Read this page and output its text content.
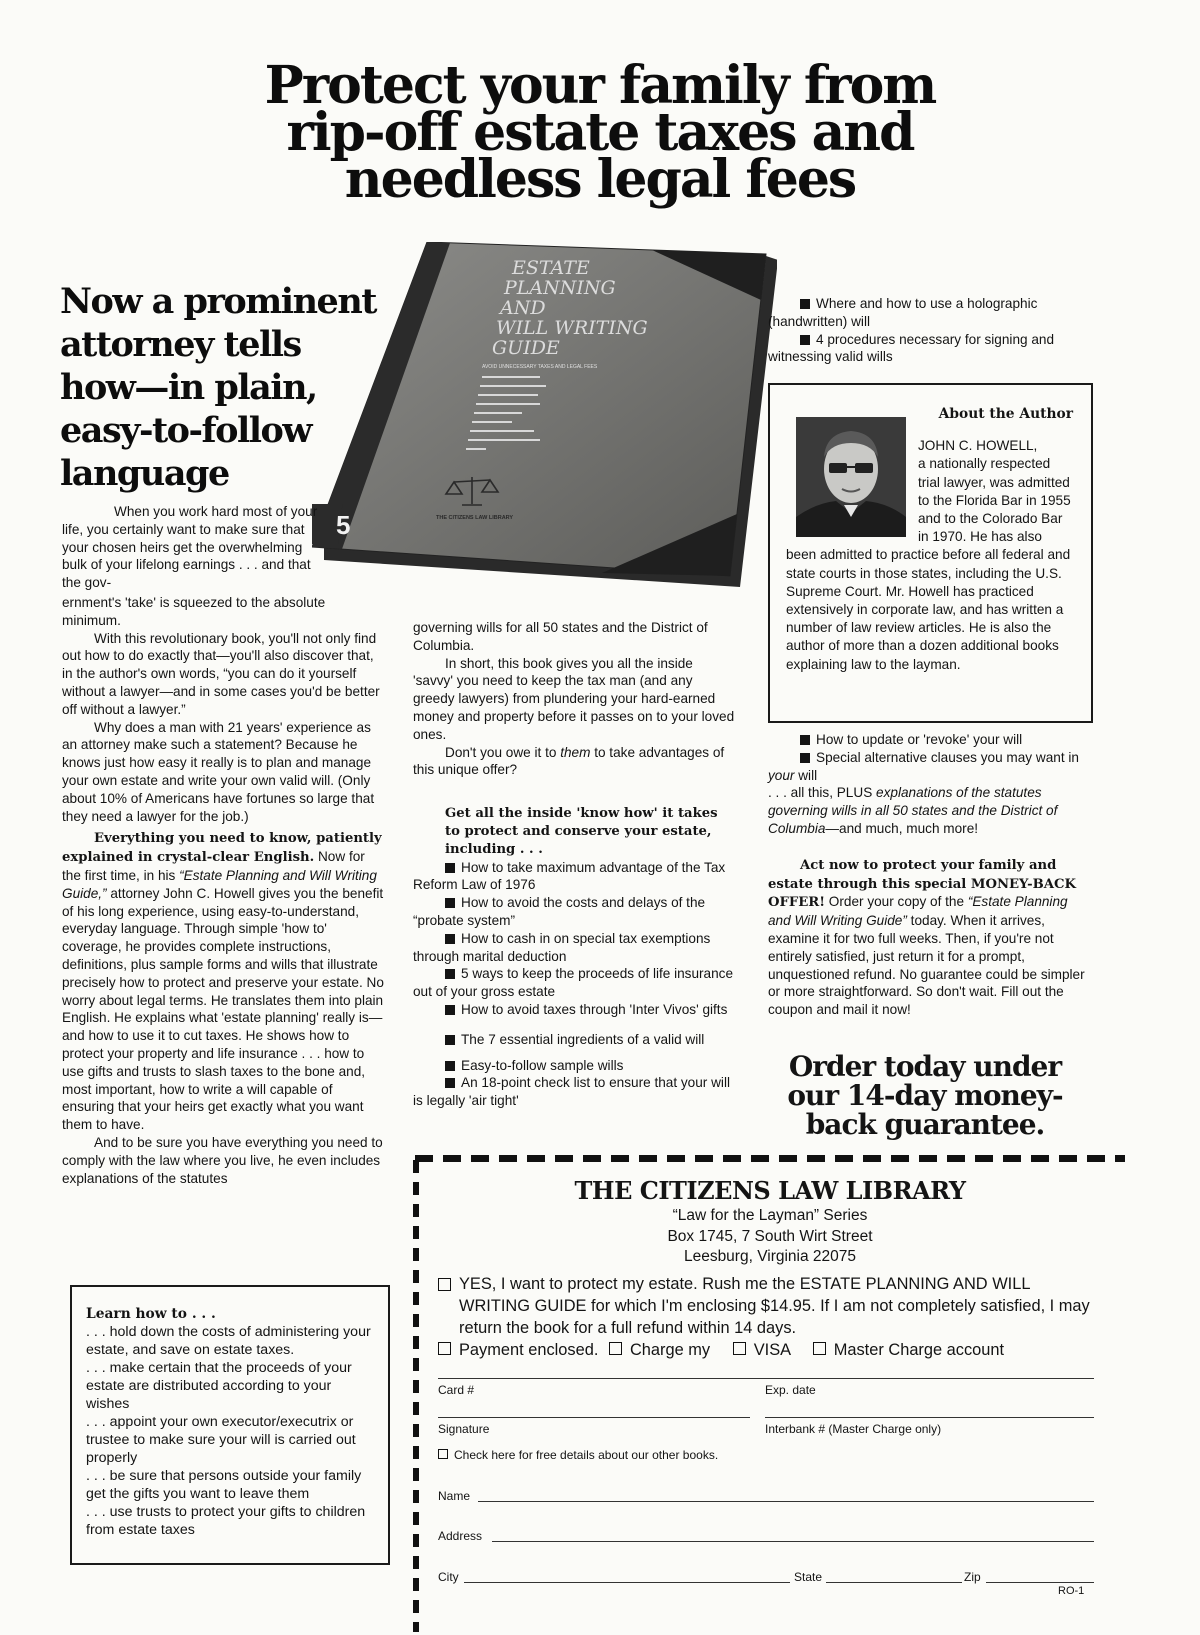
Protect your family from
rip-off estate taxes and
needless legal fees
Now a prominent
attorney tells
how—in plain,
easy-to-follow
language
5
ESTATE
PLANNING
AND
WILL WRITING
GUIDE
AVOID UNNECESSARY TAXES AND LEGAL FEES
THE CITIZENS LAW LIBRARY

When you work hard most of your life, you certainly want to make sure that your chosen heirs get the overwhelming bulk of your lifelong earnings . . . and that the gov-

ernment's 'take' is squeezed to the absolute minimum.

With this revolutionary book, you'll not only find out how to do exactly that—you'll also discover that, in the author's own words, “you can do it yourself without a lawyer—and in some cases you'd be better off without a lawyer.”

Why does a man with 21 years' experience as an attorney make such a statement? Because he knows just how easy it really is to plan and manage your own estate and write your own valid will. (Only about 10% of Americans have fortunes so large that they need a lawyer for the job.)

Everything you need to know, patiently explained in crystal-clear English. Now for the first time, in his “Estate Planning and Will Writing Guide,” attorney John C. Howell gives you the benefit of his long experience, using easy-to-understand, everyday language. Through simple 'how to' coverage, he provides complete instructions, definitions, plus sample forms and wills that illustrate precisely how to protect and preserve your estate. No worry about legal terms. He translates them into plain English. He explains what 'estate planning' really is—and how to use it to cut taxes. He shows how to protect your property and life insurance . . . how to use gifts and trusts to slash taxes to the bone and, most important, how to write a will capable of ensuring that your heirs get exactly what you want them to have.

And to be sure you have everything you need to comply with the law where you live, he even includes explanations of the statutes

Learn how to . . .
. . . hold down the costs of administering your estate, and save on estate taxes.
. . . make certain that the proceeds of your estate are distributed according to your wishes
. . . appoint your own executor/executrix or trustee to make sure your will is carried out properly
. . . be sure that persons outside your family get the gifts you want to leave them
. . . use trusts to protect your gifts to children from estate taxes

governing wills for all 50 states and the District of Columbia.

In short, this book gives you all the inside 'savvy' you need to keep the tax man (and any greedy lawyers) from plundering your hard-earned money and property before it passes on to your loved ones.

Don't you owe it to them to take advantages of this unique offer?

Get all the inside 'know how' it takes to protect and conserve your estate, including . . .

How to take maximum advantage of the Tax Reform Law of 1976

How to avoid the costs and delays of the “probate system”

How to cash in on special tax exemptions through marital deduction

5 ways to keep the proceeds of life insurance out of your gross estate

How to avoid taxes through 'Inter Vivos' gifts

The 7 essential ingredients of a valid will

Easy-to-follow sample wills

An 18-point check list to ensure that your will is legally 'air tight'

Where and how to use a holographic (handwritten) will

4 procedures necessary for signing and witnessing valid wills

About the Author
JOHN C. HOWELL,
a nationally respected trial lawyer, was admitted to the Florida Bar in 1955 and to the Colorado Bar in 1970. He has also been admitted to practice before all federal and state courts in those states, including the U.S. Supreme Court. Mr. Howell has practiced extensively in corporate law, and has written a number of law review articles. He is also the author of more than a dozen additional books explaining law to the layman.

How to update or 'revoke' your will

Special alternative clauses you may want in your will

. . . all this, PLUS explanations of the statutes governing wills in all 50 states and the District of Columbia—and much, much more!

Act now to protect your family and estate through this special MONEY-BACK OFFER! Order your copy of the “Estate Planning and Will Writing Guide” today. When it arrives, examine it for two full weeks. Then, if you're not entirely satisfied, just return it for a prompt, unquestioned refund. No guarantee could be simpler or more straightforward. So don't wait. Fill out the coupon and mail it now!

Order today under
our 14-day money-
back guarantee.
THE CITIZENS LAW LIBRARY

“Law for the Layman” Series

Box 1745, 7 South Wirt Street

Leesburg, Virginia 22075

YES, I want to protect my estate. Rush me the ESTATE PLANNING AND WILL WRITING GUIDE for which I'm enclosing $14.95. If I am not completely satisfied, I may return the book for a full refund within 14 days.

Payment enclosed. Charge my	VISA	Master Charge account

Card #	Exp. date
Signature	Interbank # (Master Charge only)
Check here for free details about our other books.
Name
Address
City	State	Zip
RO-1
